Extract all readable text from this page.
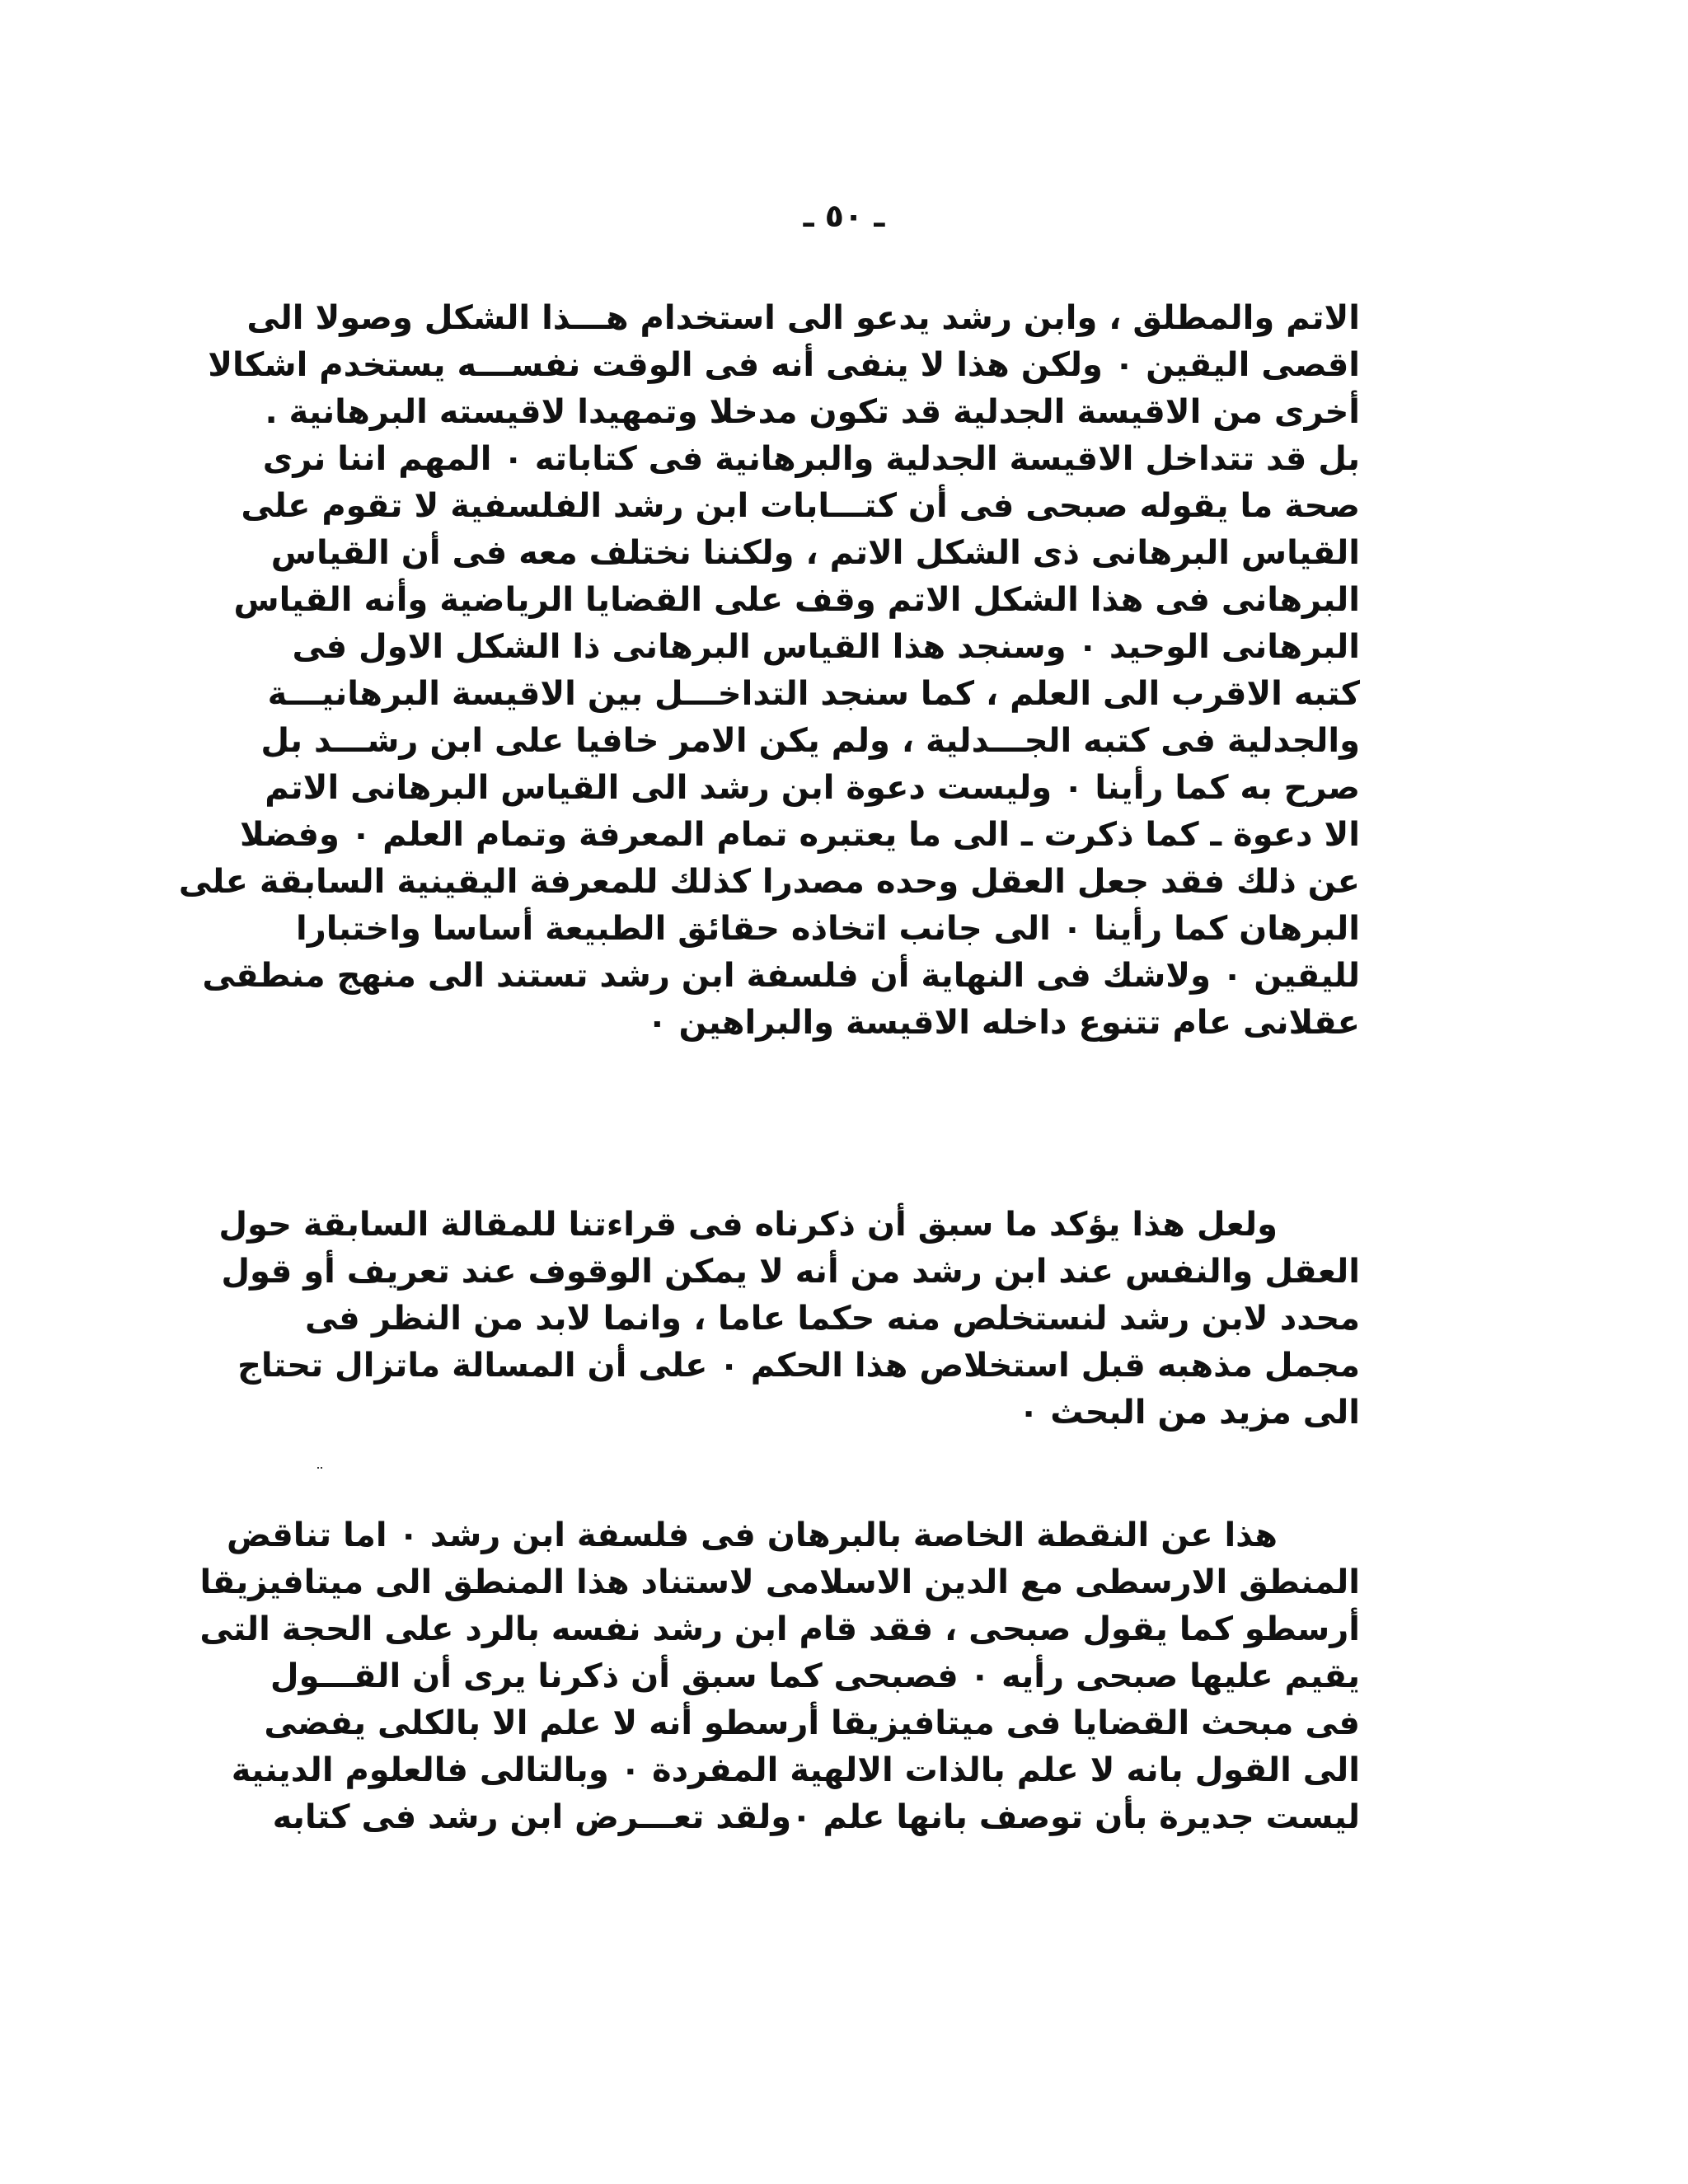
ـ ٥٠ ـ
الاتم والمطلق ، وابن رشد يدعو الى استخدام هـــذا الشكل وصولا الى
اقصى اليقين ٠ ولكن هذا لا ينفى أنه فى الوقت نفســـه يستخدم اشكالا
أخرى من الاقيسة الجدلية قد تكون مدخلا وتمهيدا لاقيسته البرهانية .
بل قد تتداخل الاقيسة الجدلية والبرهانية فى كتاباته ٠ المهم اننا نرى
صحة ما يقوله صبحى فى أن كتـــابات ابن رشد الفلسفية لا تقوم على
القياس البرهانى ذى الشكل الاتم ، ولكننا نختلف معه فى أن القياس
البرهانى فى هذا الشكل الاتم وقف على القضايا الرياضية وأنه القياس
البرهانى الوحيد ٠ وسنجد هذا القياس البرهانى ذا الشكل الاول فى
كتبه الاقرب الى العلم ، كما سنجد التداخـــل بين الاقيسة البرهانيـــة
والجدلية فى كتبه الجـــدلية ، ولم يكن الامر خافيا على ابن رشـــد بل
صرح به كما رأينا ٠ وليست دعوة ابن رشد الى القياس البرهانى الاتم
الا دعوة ـ كما ذكرت ـ الى ما يعتبره تمام المعرفة وتمام العلم ٠ وفضلا
عن ذلك فقد جعل العقل وحده مصدرا كذلك للمعرفة اليقينية السابقة على
البرهان كما رأينا ٠ الى جانب اتخاذه حقائق الطبيعة أساسا واختبارا
لليقين ٠ ولاشك فى النهاية أن فلسفة ابن رشد تستند الى منهج منطقى
عقلانى عام تتنوع داخله الاقيسة والبراهين ٠
ولعل هذا يؤكد ما سبق أن ذكرناه فى قراءتنا للمقالة السابقة حول
العقل والنفس عند ابن رشد من أنه لا يمكن الوقوف عند تعريف أو قول
محدد لابن رشد لنستخلص منه حكما عاما ، وانما لابد من النظر فى
مجمل مذهبه قبل استخلاص هذا الحكم ٠ على أن المسالة ماتزال تحتاج
الى مزيد من البحث ٠
هذا عن النقطة الخاصة بالبرهان فى فلسفة ابن رشد ٠ اما تناقض
المنطق الارسطى مع الدين الاسلامى لاستناد هذا المنطق الى ميتافيزيقا
أرسطو كما يقول صبحى ، فقد قام ابن رشد نفسه بالرد على الحجة التى
يقيم عليها صبحى رأيه ٠ فصبحى كما سبق أن ذكرنا يرى أن القـــول
فى مبحث القضايا فى ميتافيزيقا أرسطو أنه لا علم الا بالكلى يفضى
الى القول بانه لا علم بالذات الالهية المفردة ٠ وبالتالى فالعلوم الدينية
ليست جديرة بأن توصف بانها علم ٠ولقد تعـــرض ابن رشد فى كتابه
